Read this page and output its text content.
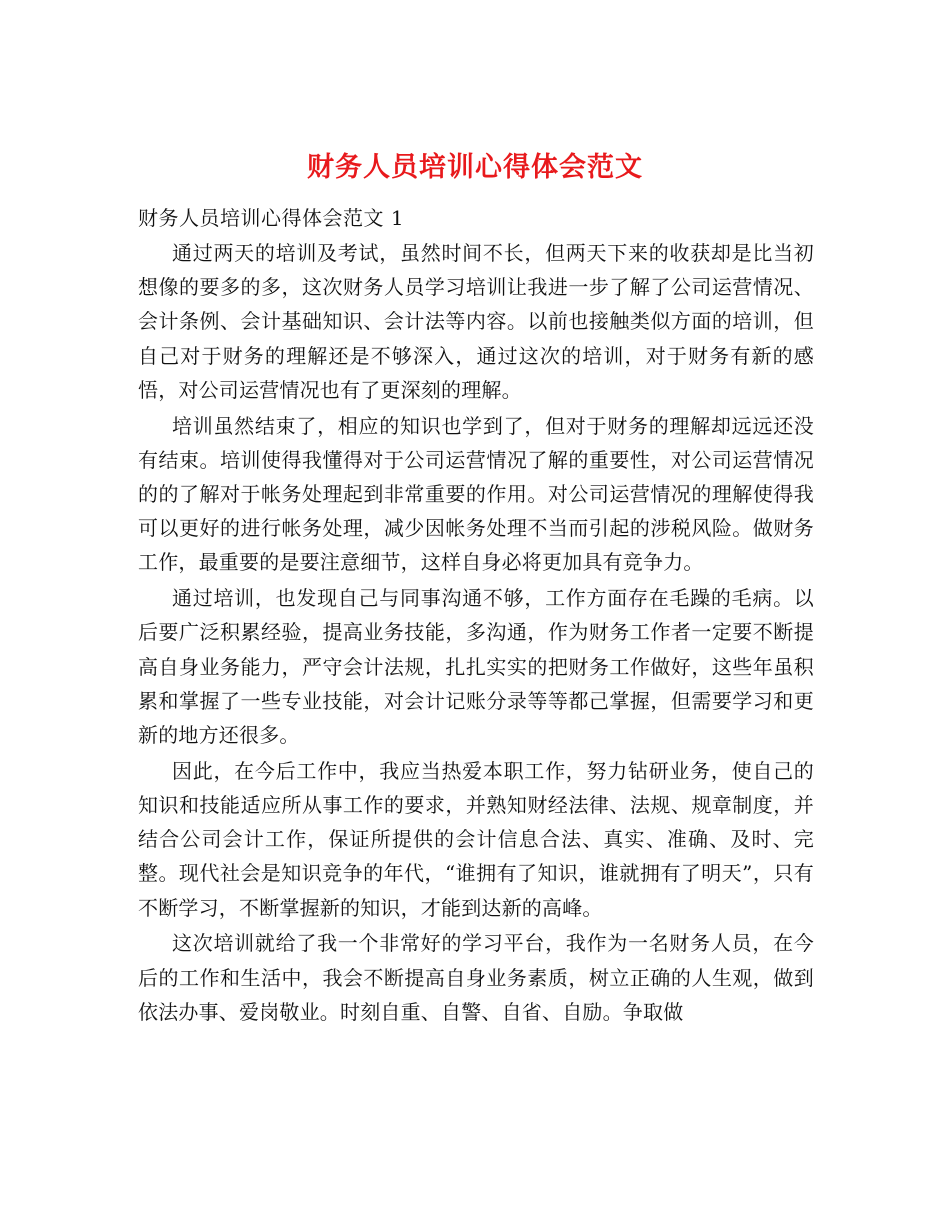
财务人员培训心得体会范文

财务人员培训心得体会范文 1

通过两天的培训及考试，虽然时间不长，但两天下来的收获却是比当初想像的要多的多，这次财务人员学习培训让我进一步了解了公司运营情况、会计条例、会计基础知识、会计法等内容。以前也接触类似方面的培训，但自己对于财务的理解还是不够深入，通过这次的培训，对于财务有新的感悟，对公司运营情况也有了更深刻的理解。

培训虽然结束了，相应的知识也学到了，但对于财务的理解却远远还没有结束。培训使得我懂得对于公司运营情况了解的重要性，对公司运营情况的的了解对于帐务处理起到非常重要的作用。对公司运营情况的理解使得我可以更好的进行帐务处理，减少因帐务处理不当而引起的涉税风险。做财务工作，最重要的是要注意细节，这样自身必将更加具有竞争力。

通过培训，也发现自己与同事沟通不够，工作方面存在毛躁的毛病。以后要广泛积累经验，提高业务技能，多沟通，作为财务工作者一定要不断提高自身业务能力，严守会计法规，扎扎实实的把财务工作做好，这些年虽积累和掌握了一些专业技能，对会计记账分录等等都己掌握，但需要学习和更新的地方还很多。

因此，在今后工作中，我应当热爱本职工作，努力钻研业务，使自己的知识和技能适应所从事工作的要求，并熟知财经法律、法规、规章制度，并结合公司会计工作，保证所提供的会计信息合法、真实、准确、及时、完整。现代社会是知识竞争的年代，“谁拥有了知识，谁就拥有了明天”，只有不断学习，不断掌握新的知识，才能到达新的高峰。

这次培训就给了我一个非常好的学习平台，我作为一名财务人员，在今后的工作和生活中，我会不断提高自身业务素质，树立正确的人生观，做到依法办事、爱岗敬业。时刻自重、自警、自省、自励。争取做
